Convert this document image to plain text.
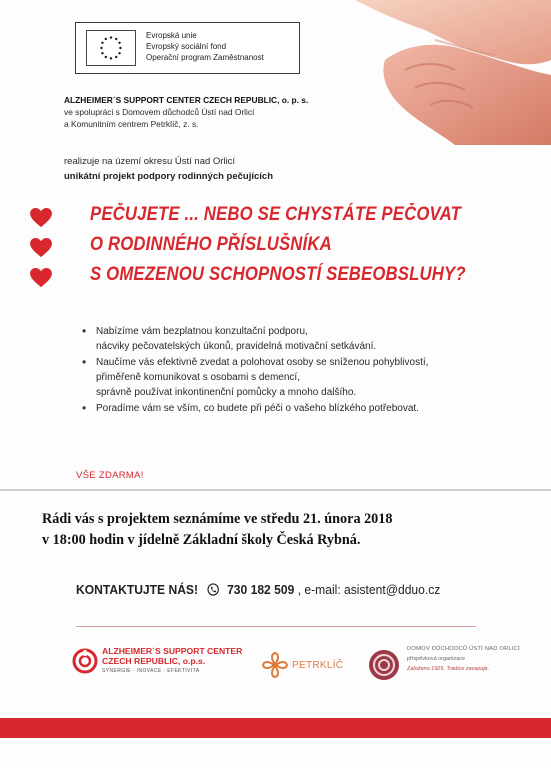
Evropská unie
Evropský sociální fond
Operační program Zaměstnanost
ALZHEIMER´S SUPPORT CENTER CZECH REPUBLIC, o. p. s.
ve spolupráci s Domovem důchodců Ústí nad Orlicí
a Komunitním centrem Petrklíč, z. s.
realizuje na území okresu Ústí nad Orlicí
unikátní projekt podpory rodinných pečujících
PEČUJETE ... NEBO SE CHYSTÁTE PEČOVAT
O RODINNÉHO PŘÍSLUŠNÍKA
S OMEZENOU SCHOPNOSTÍ SEBEOBSLUHY?
• Nabízíme vám bezplatnou konzultační podporu,
nácviky pečovatelských úkonů, pravidelná motivační setkávání.
• Naučíme vás efektivně zvedat a polohovat osoby se sníženou pohyblivostí,
přiměřeně komunikovat s osobami s demencí,
správně používat inkontinenční pomůcky a mnoho dalšího.
• Poradíme vám se vším, co budete při péči o vašeho blízkého potřebovat.
VŠE ZDARMA!
Rádi vás s projektem seznámíme ve středu 21. února 2018
v 18:00 hodin v jídelně Základní školy Česká Rybná.
KONTAKTUJTE NÁS! 730 182 509 , e-mail: asistent@dduo.cz
ALZHEIMER´S SUPPORT CENTER
CZECH REPUBLIC, o.p.s.
SYNERGIE · INOVACE · EFEKTIVITA	PETRKLÍČ
DOMOV DŮCHODCŮ ÚSTÍ NAD ORLICÍ
příspěvková organizace
Založeno 1925. Tradice zavazuje.
